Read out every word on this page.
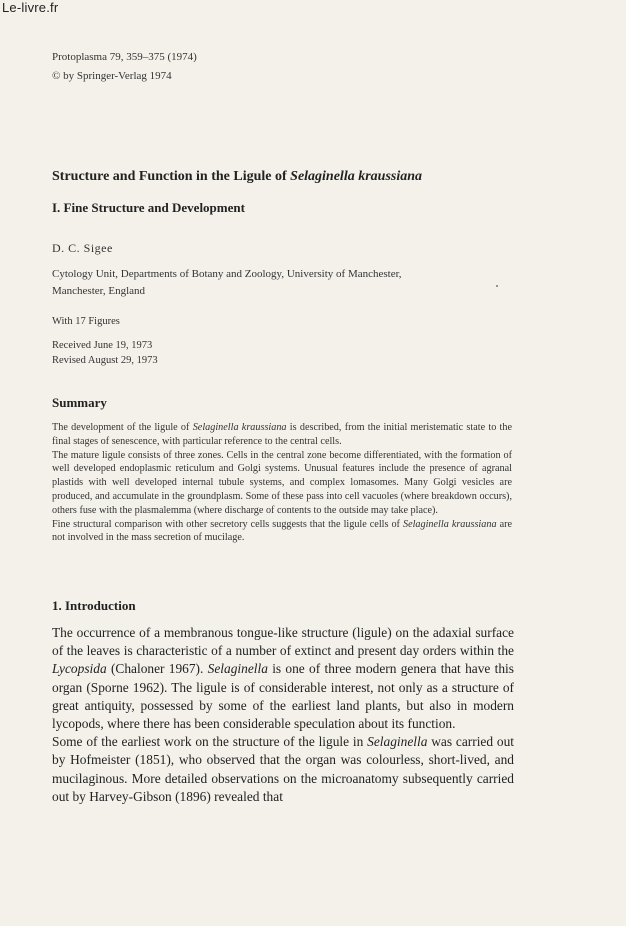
Le-livre.fr
Protoplasma 79, 359–375 (1974)
© by Springer-Verlag 1974
Structure and Function in the Ligule of Selaginella kraussiana
I. Fine Structure and Development
D. C. Sigee
Cytology Unit, Departments of Botany and Zoology, University of Manchester,
Manchester, England
With 17 Figures
Received June 19, 1973
Revised August 29, 1973
Summary

The development of the ligule of Selaginella kraussiana is described, from the initial meristematic state to the final stages of senescence, with particular reference to the central cells.

The mature ligule consists of three zones. Cells in the central zone become differentiated, with the formation of well developed endoplasmic reticulum and Golgi systems. Unusual features include the presence of agranal plastids with well developed internal tubule systems, and complex lomasomes. Many Golgi vesicles are produced, and accumulate in the groundplasm. Some of these pass into cell vacuoles (where breakdown occurs), others fuse with the plasmalemma (where discharge of contents to the outside may take place).

Fine structural comparison with other secretory cells suggests that the ligule cells of Selaginella kraussiana are not involved in the mass secretion of mucilage.

1. Introduction

The occurrence of a membranous tongue-like structure (ligule) on the adaxial surface of the leaves is characteristic of a number of extinct and present day orders within the Lycopsida (Chaloner 1967). Selaginella is one of three modern genera that have this organ (Sporne 1962). The ligule is of considerable interest, not only as a structure of great antiquity, possessed by some of the earliest land plants, but also in modern lycopods, where there has been considerable speculation about its function.

Some of the earliest work on the structure of the ligule in Selaginella was carried out by Hofmeister (1851), who observed that the organ was colourless, short-lived, and mucilaginous. More detailed observations on the microanatomy subsequently carried out by Harvey-Gibson (1896) revealed that
